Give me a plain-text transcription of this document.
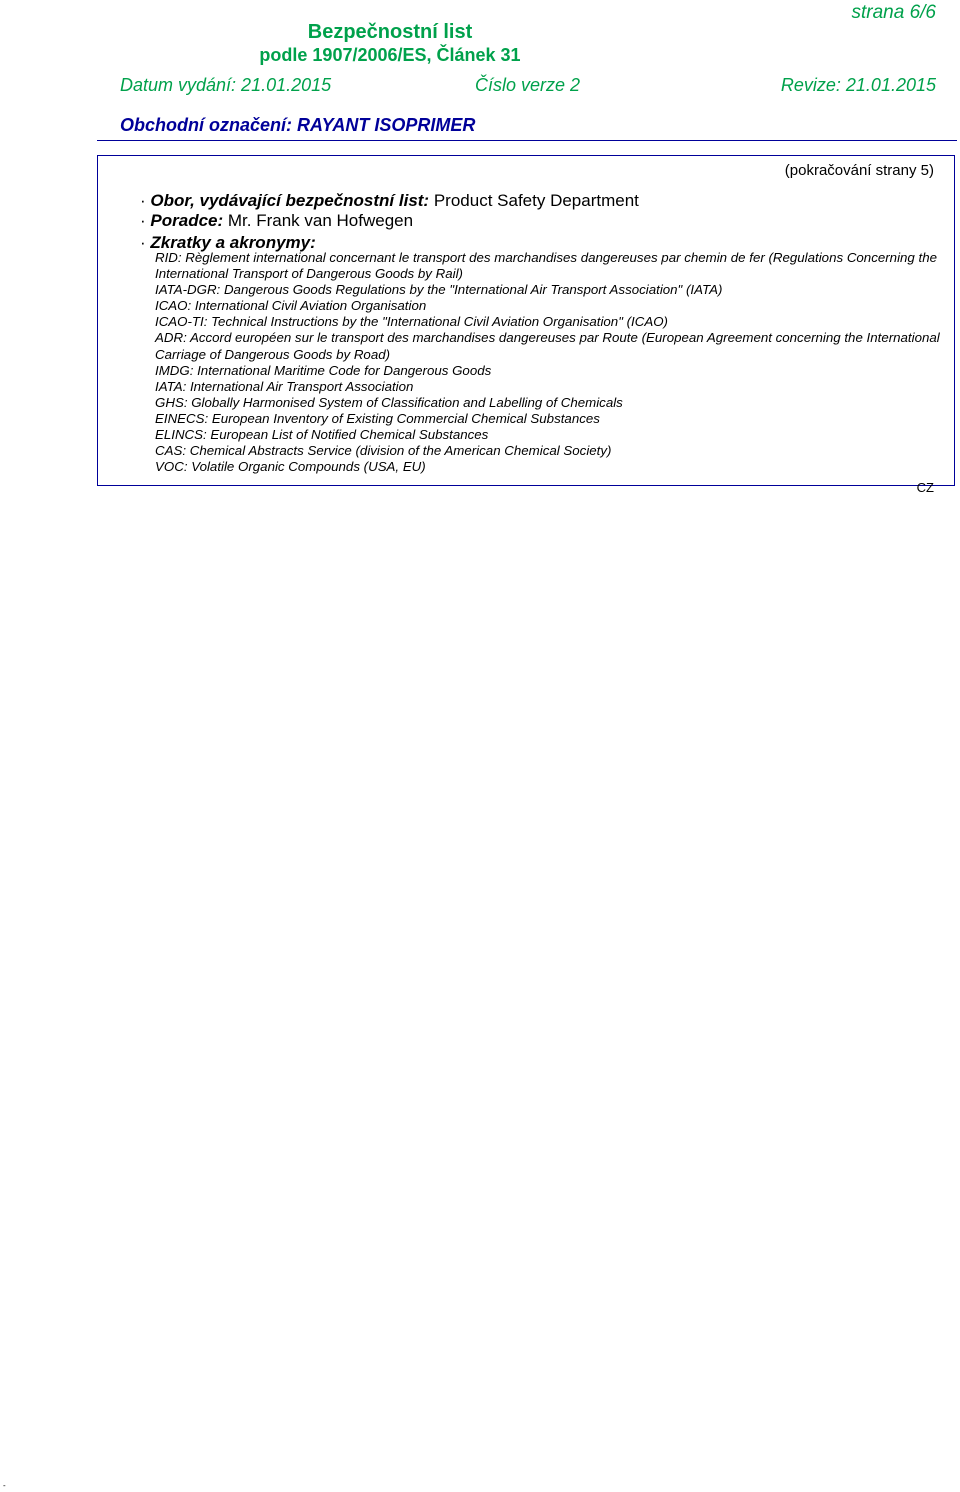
strana 6/6
Bezpečnostní list
podle 1907/2006/ES, Článek 31
Datum vydání: 21.01.2015	Číslo verze 2	Revize: 21.01.2015
Obchodní označení: RAYANT ISOPRIMER
(pokračování strany 5)
· Obor, vydávající bezpečnostní list: Product Safety Department
· Poradce: Mr. Frank van Hofwegen
· Zkratky a akronymy:
RID: Règlement international concernant le transport des marchandises dangereuses par chemin de fer (Regulations Concerning the International Transport of Dangerous Goods by Rail)
IATA-DGR: Dangerous Goods Regulations by the "International Air Transport Association" (IATA)
ICAO: International Civil Aviation Organisation
ICAO-TI: Technical Instructions by the "International Civil Aviation Organisation" (ICAO)
ADR: Accord européen sur le transport des marchandises dangereuses par Route (European Agreement concerning the International Carriage of Dangerous Goods by Road)
IMDG: International Maritime Code for Dangerous Goods
IATA: International Air Transport Association
GHS: Globally Harmonised System of Classification and Labelling of Chemicals
EINECS: European Inventory of Existing Commercial Chemical Substances
ELINCS: European List of Notified Chemical Substances
CAS: Chemical Abstracts Service (division of the American Chemical Society)
VOC: Volatile Organic Compounds (USA, EU)
CZ
-
